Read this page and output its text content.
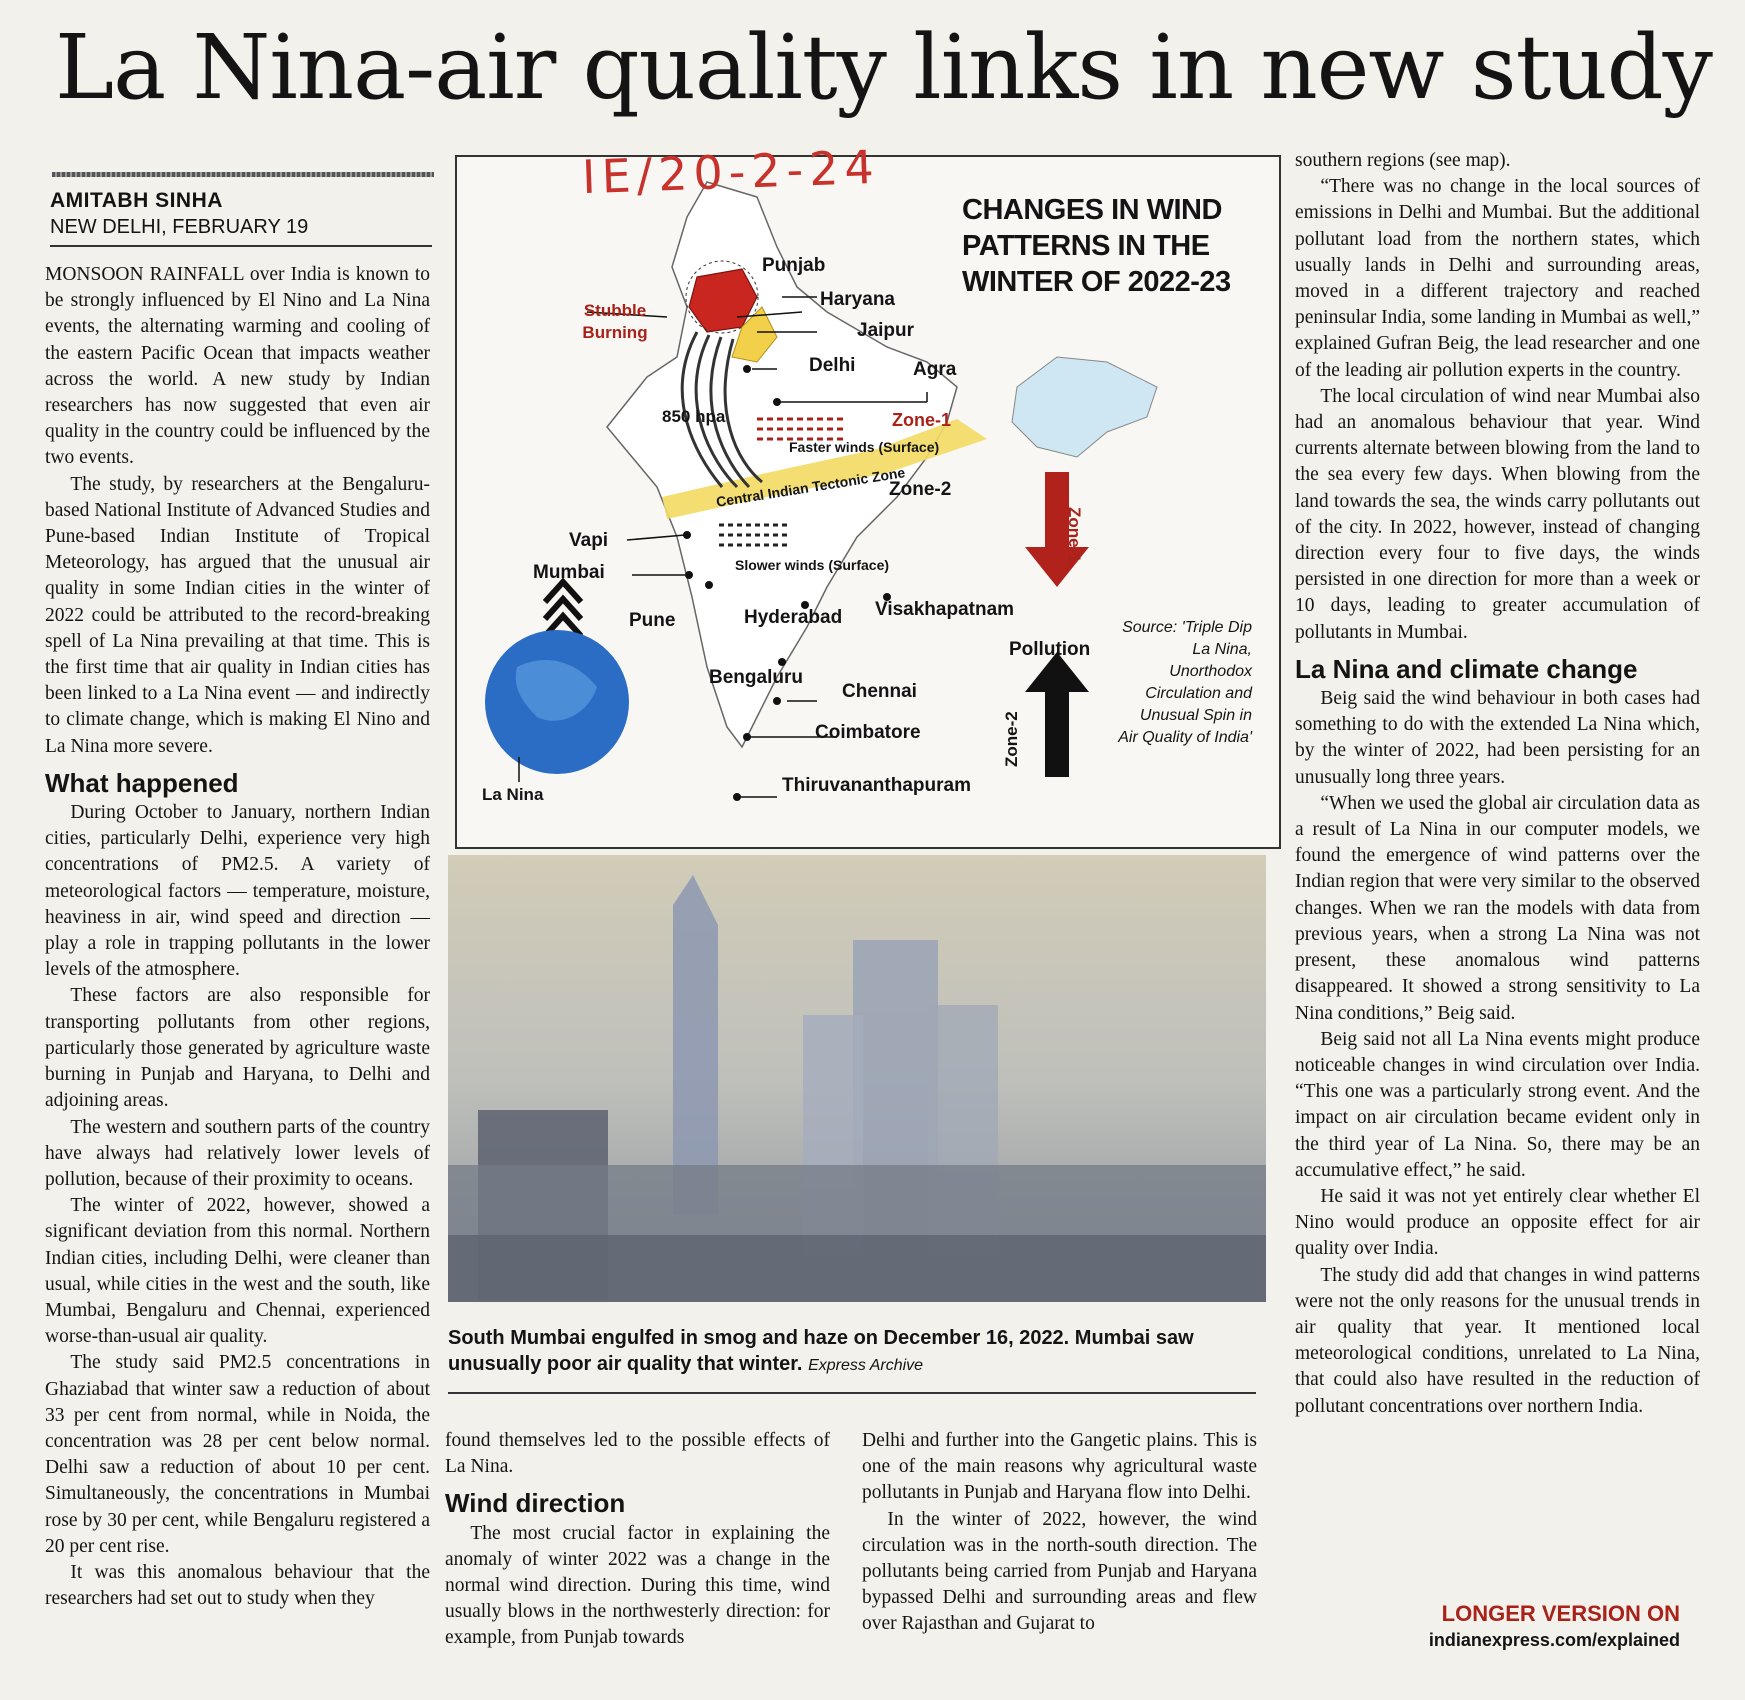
La Nina-air quality links in new study
AMITABH SINHA
NEW DELHI, FEBRUARY 19

MONSOON RAINFALL over India is known to be strongly influenced by El Nino and La Nina events, the alternating warming and cooling of the eastern Pacific Ocean that impacts weather across the world. A new study by Indian researchers has now suggested that even air quality in the country could be influenced by the two events.

The study, by researchers at the Bengaluru-based National Institute of Advanced Studies and Pune-based Indian Institute of Tropical Meteorology, has argued that the unusual air quality in some Indian cities in the winter of 2022 could be attributed to the record-breaking spell of La Nina prevailing at that time. This is the first time that air quality in Indian cities has been linked to a La Nina event — and indirectly to climate change, which is making El Nino and La Nina more severe.

What happened

During October to January, northern Indian cities, particularly Delhi, experience very high concentrations of PM2.5. A variety of meteorological factors — temperature, moisture, heaviness in air, wind speed and direction — play a role in trapping pollutants in the lower levels of the atmosphere.

These factors are also responsible for transporting pollutants from other regions, particularly those generated by agriculture waste burning in Punjab and Haryana, to Delhi and adjoining areas.

The western and southern parts of the country have always had relatively lower levels of pollution, because of their proximity to oceans.

The winter of 2022, however, showed a significant deviation from this normal. Northern Indian cities, including Delhi, were cleaner than usual, while cities in the west and the south, like Mumbai, Bengaluru and Chennai, experienced worse-than-usual air quality.

The study said PM2.5 concentrations in Ghaziabad that winter saw a reduction of about 33 per cent from normal, while in Noida, the concentration was 28 per cent below normal. Delhi saw a reduction of about 10 per cent. Simultaneously, the concentrations in Mumbai rose by 30 per cent, while Bengaluru registered a 20 per cent rise.

It was this anomalous behaviour that the researchers had set out to study when they

IE/20-2-24
CHANGES IN WIND PATTERNS IN THE WINTER OF 2022-23
Punjab
Haryana
Stubble Burning	Jaipur
Delhi	Agra
850 hpa	Zone-1
Faster winds (Surface)
Central Indian Tectonic Zone
Zone-2
Vapi
Mumbai	Slower winds (Surface)
Pune	Hyderabad Visakhapatnam
Bengaluru
Chennai
Coimbatore
Thiruvananthapuram
La Nina
Pollution
Zone-1
Zone-2
Source: 'Triple Dip La Nina, Unorthodox Circulation and Unusual Spin in Air Quality of India'
South Mumbai engulfed in smog and haze on December 16, 2022. Mumbai saw unusually poor air quality that winter. Express Archive

found themselves led to the possible effects of La Nina.

Wind direction

The most crucial factor in explaining the anomaly of winter 2022 was a change in the normal wind direction. During this time, wind usually blows in the northwesterly direction: for example, from Punjab towards

Delhi and further into the Gangetic plains. This is one of the main reasons why agricultural waste pollutants in Punjab and Haryana flow into Delhi.

In the winter of 2022, however, the wind circulation was in the north-south direction. The pollutants being carried from Punjab and Haryana bypassed Delhi and surrounding areas and flew over Rajasthan and Gujarat to

southern regions (see map).

“There was no change in the local sources of emissions in Delhi and Mumbai. But the additional pollutant load from the northern states, which usually lands in Delhi and surrounding areas, moved in a different trajectory and reached peninsular India, some landing in Mumbai as well,” explained Gufran Beig, the lead researcher and one of the leading air pollution experts in the country.

The local circulation of wind near Mumbai also had an anomalous behaviour that year. Wind currents alternate between blowing from the land to the sea every few days. When blowing from the land towards the sea, the winds carry pollutants out of the city. In 2022, however, instead of changing direction every four to five days, the winds persisted in one direction for more than a week or 10 days, leading to greater accumulation of pollutants in Mumbai.

La Nina and climate change

Beig said the wind behaviour in both cases had something to do with the extended La Nina which, by the winter of 2022, had been persisting for an unusually long three years.

“When we used the global air circulation data as a result of La Nina in our computer models, we found the emergence of wind patterns over the Indian region that were very similar to the observed changes. When we ran the models with data from previous years, when a strong La Nina was not present, these anomalous wind patterns disappeared. It showed a strong sensitivity to La Nina conditions,” Beig said.

Beig said not all La Nina events might produce noticeable changes in wind circulation over India. “This one was a particularly strong event. And the impact on air circulation became evident only in the third year of La Nina. So, there may be an accumulative effect,” he said.

He said it was not yet entirely clear whether El Nino would produce an opposite effect for air quality over India.

The study did add that changes in wind patterns were not the only reasons for the unusual trends in air quality that year. It mentioned local meteorological conditions, unrelated to La Nina, that could also have resulted in the reduction of pollutant concentrations over northern India.

LONGER VERSION ON
indianexpress.com/explained
